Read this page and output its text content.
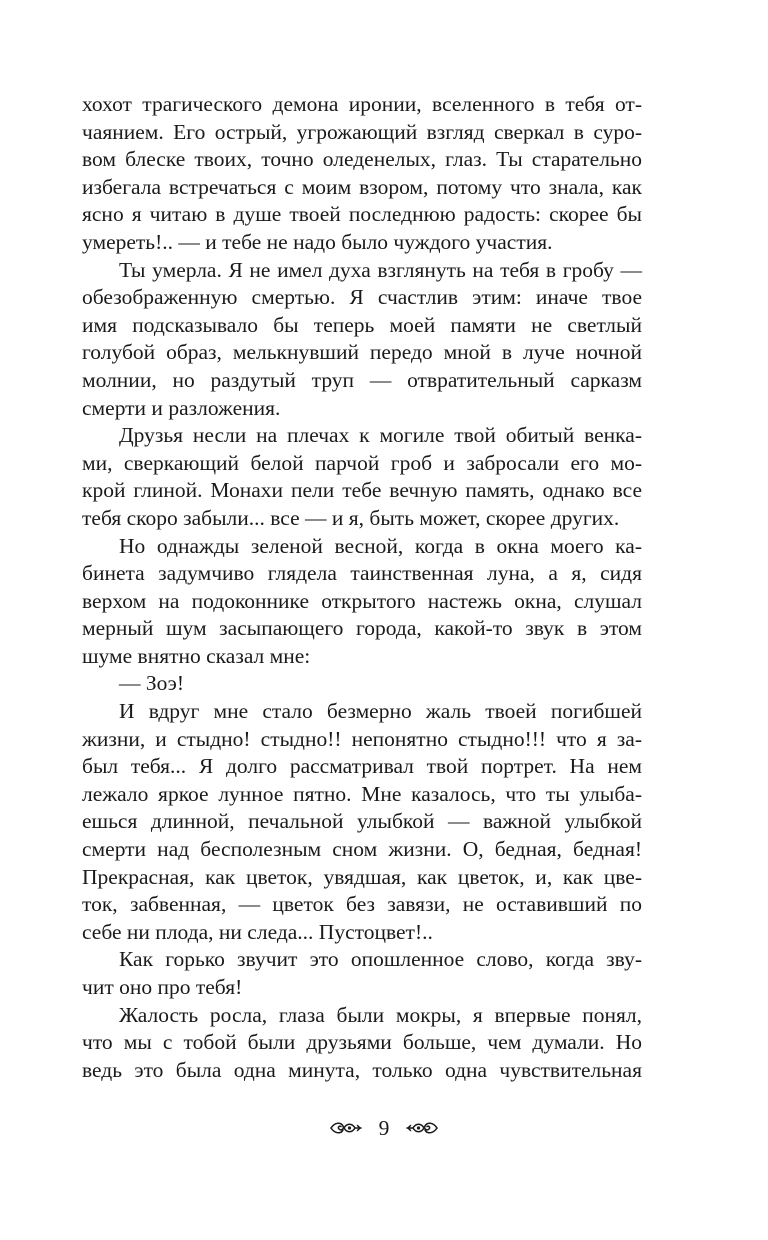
хохот трагического демона иронии, вселенного в тебя от-
чаянием. Его острый, угрожающий взгляд сверкал в суро-
вом блеске твоих, точно оледенелых, глаз. Ты старательно
избегала встречаться с моим взором, потому что знала, как
ясно я читаю в душе твоей последнюю радость: скорее бы
умереть!.. — и тебе не надо было чуждого участия.
Ты умерла. Я не имел духа взглянуть на тебя в гробу —
обезображенную смертью. Я счастлив этим: иначе твое
имя подсказывало бы теперь моей памяти не светлый
голубой образ, мелькнувший передо мной в луче ночной
молнии, но раздутый труп — отвратительный сарказм
смерти и разложения.
Друзья несли на плечах к могиле твой обитый венка-
ми, сверкающий белой парчой гроб и забросали его мо-
крой глиной. Монахи пели тебе вечную память, однако все
тебя скоро забыли... все — и я, быть может, скорее других.
Но однажды зеленой весной, когда в окна моего ка-
бинета задумчиво глядела таинственная луна, а я, сидя
верхом на подоконнике открытого настежь окна, слушал
мерный шум засыпающего города, какой-то звук в этом
шуме внятно сказал мне:
— Зоэ!
И вдруг мне стало безмерно жаль твоей погибшей
жизни, и стыдно! стыдно!! непонятно стыдно!!! что я за-
был тебя... Я долго рассматривал твой портрет. На нем
лежало яркое лунное пятно. Мне казалось, что ты улыба-
ешься длинной, печальной улыбкой — важной улыбкой
смерти над бесполезным сном жизни. О, бедная, бедная!
Прекрасная, как цветок, увядшая, как цветок, и, как цве-
ток, забвенная, — цветок без завязи, не оставивший по
себе ни плода, ни следа... Пустоцвет!..
Как горько звучит это опошленное слово, когда зву-
чит оно про тебя!
Жалость росла, глаза были мокры, я впервые понял,
что мы с тобой были друзьями больше, чем думали. Но
ведь это была одна минута, только одна чувствительная
9
